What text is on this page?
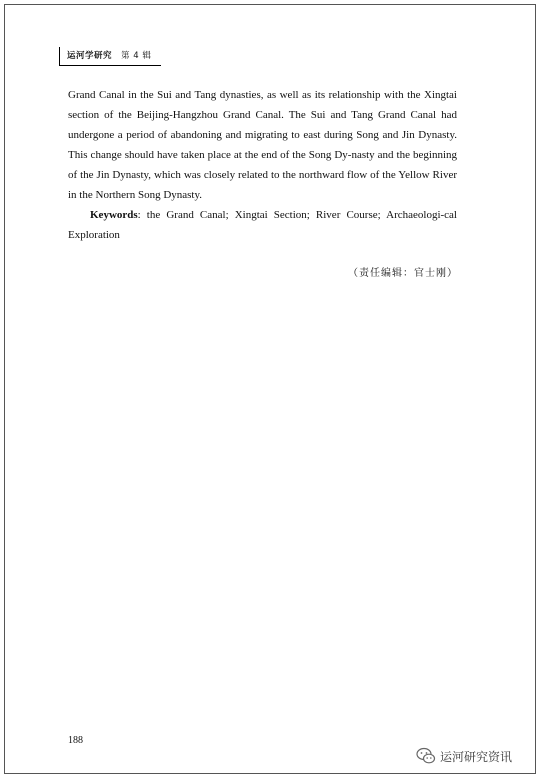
运河学研究 第 4 辑

Grand Canal in the Sui and Tang dynasties, as well as its relationship with the Xingtai section of the Beijing-Hangzhou Grand Canal. The Sui and Tang Grand Canal had undergone a period of abandoning and migrating to east during Song and Jin Dynasty. This change should have taken place at the end of the Song Dy-nasty and the beginning of the Jin Dynasty, which was closely related to the northward flow of the Yellow River in the Northern Song Dynasty.

Keywords: the Grand Canal; Xingtai Section; River Course; Archaeologi-cal Exploration

（责任编辑：官士刚）
188
运河研究资讯
